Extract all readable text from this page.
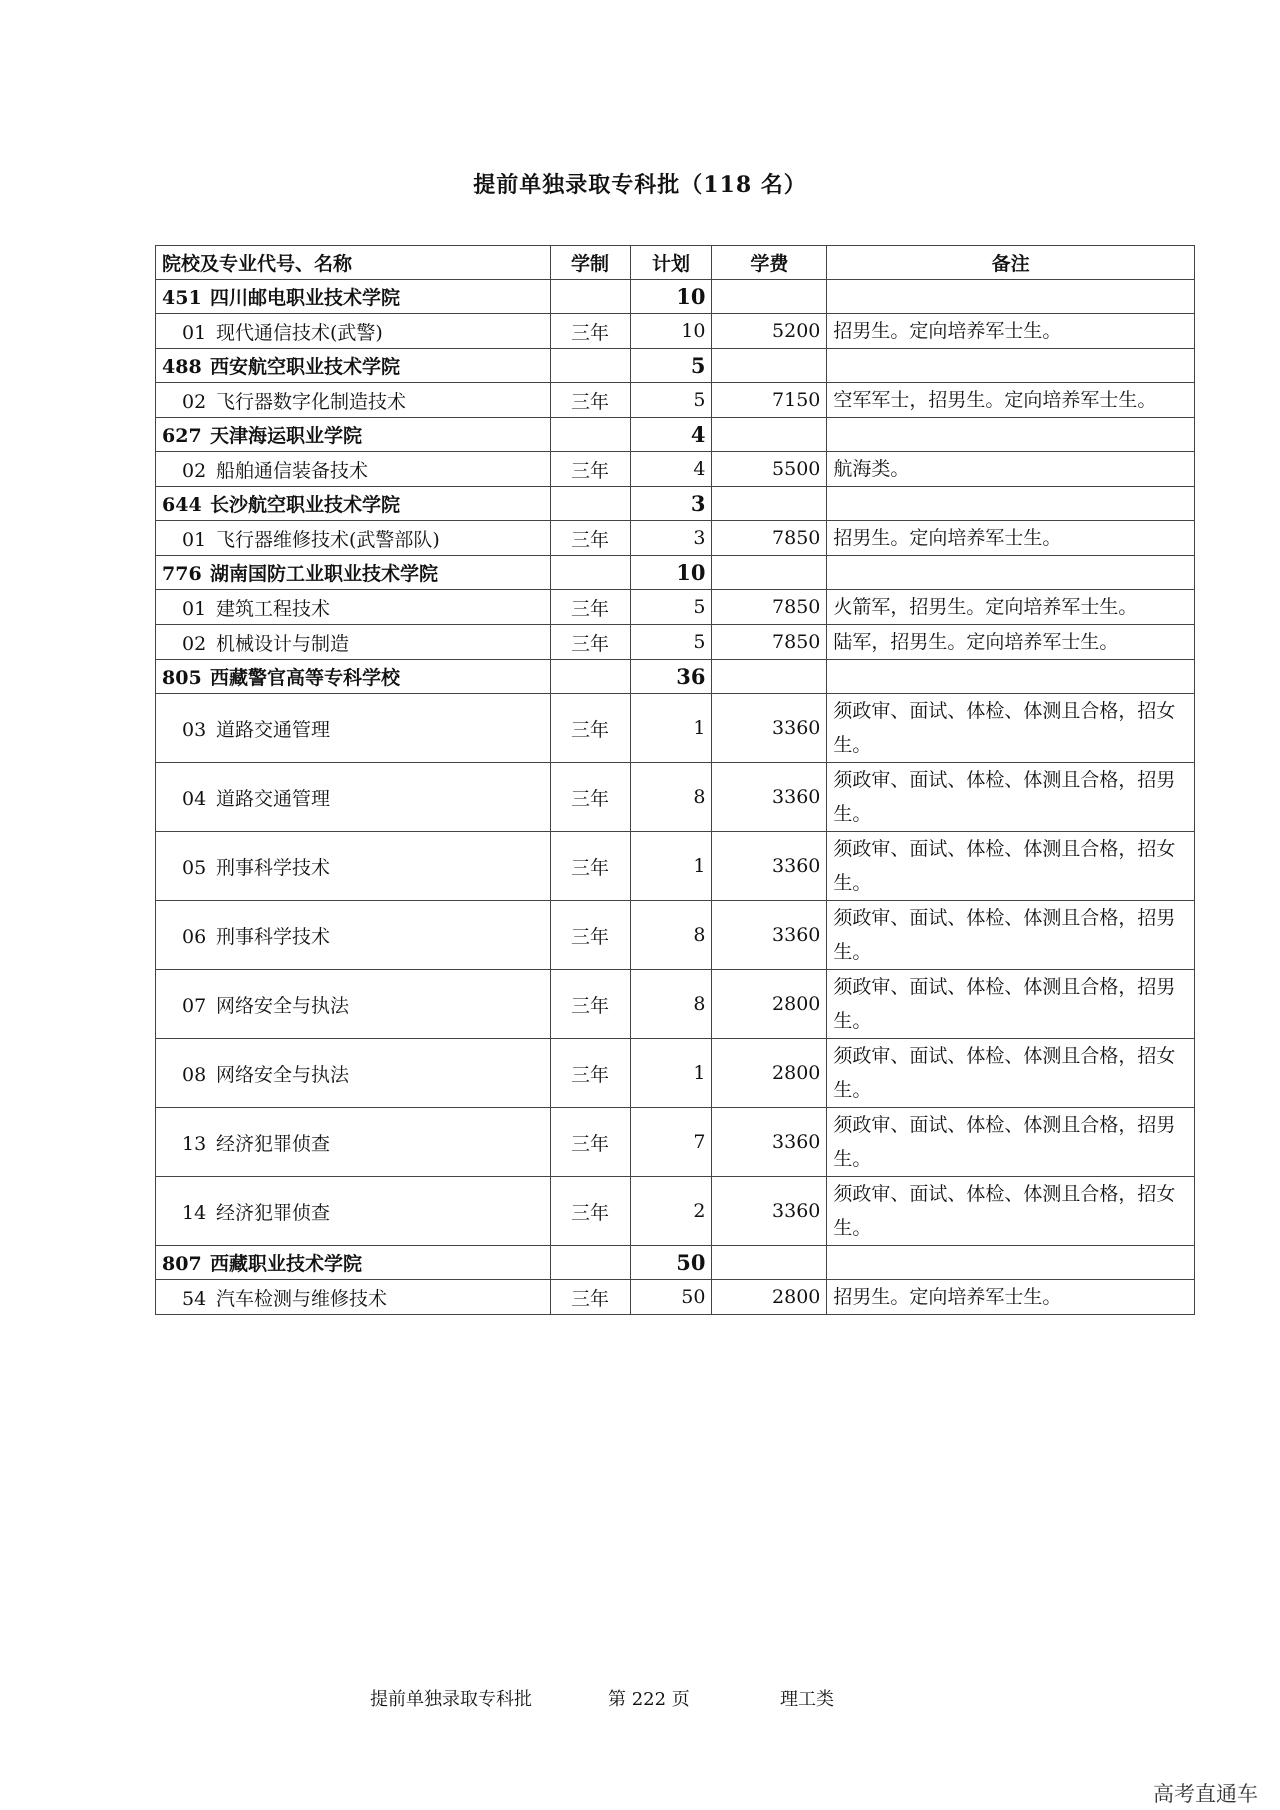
提前单独录取专科批（118 名）
院校及专业代号、名称	学制	计划	学费	备注
451 四川邮电职业技术学院		10		
01 现代通信技术(武警)	三年	10	5200	招男生。定向培养军士生。
488 西安航空职业技术学院		5		
02 飞行器数字化制造技术	三年	5	7150	空军军士，招男生。定向培养军士生。
627 天津海运职业学院		4		
02 船舶通信装备技术	三年	4	5500	航海类。
644 长沙航空职业技术学院		3		
01 飞行器维修技术(武警部队)	三年	3	7850	招男生。定向培养军士生。
776 湖南国防工业职业技术学院		10		
01 建筑工程技术	三年	5	7850	火箭军，招男生。定向培养军士生。
02 机械设计与制造	三年	5	7850	陆军，招男生。定向培养军士生。
805 西藏警官高等专科学校		36		
03 道路交通管理	三年	1	3360	须政审、面试、体检、体测且合格，招女生。
04 道路交通管理	三年	8	3360	须政审、面试、体检、体测且合格，招男生。
05 刑事科学技术	三年	1	3360	须政审、面试、体检、体测且合格，招女生。
06 刑事科学技术	三年	8	3360	须政审、面试、体检、体测且合格，招男生。
07 网络安全与执法	三年	8	2800	须政审、面试、体检、体测且合格，招男生。
08 网络安全与执法	三年	1	2800	须政审、面试、体检、体测且合格，招女生。
13 经济犯罪侦查	三年	7	3360	须政审、面试、体检、体测且合格，招男生。
14 经济犯罪侦查	三年	2	3360	须政审、面试、体检、体测且合格，招女生。
807 西藏职业技术学院		50		
54 汽车检测与维修技术	三年	50	2800	招男生。定向培养军士生。
提前单独录取专科批	第 222 页	理工类
高考直通车
